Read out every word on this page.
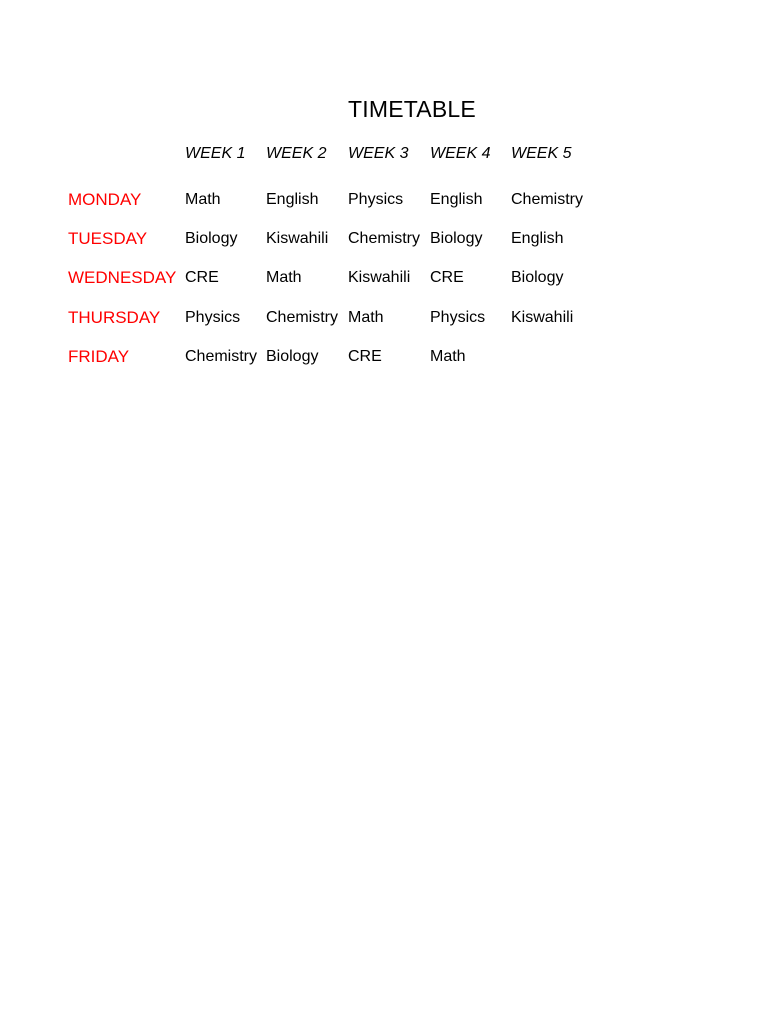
TIMETABLE
WEEK 1 WEEK 2 WEEK 3 WEEK 4 WEEK 5
MONDAY	Math	English Physics English Chemistry
TUESDAY Biology Kiswahili Chemistry Biology English
WEDNESDAY CRE	Math	Kiswahili CRE	Biology
THURSDAY Physics Chemistry Math	Physics Kiswahili
FRIDAY	Chemistry Biology CRE	Math
